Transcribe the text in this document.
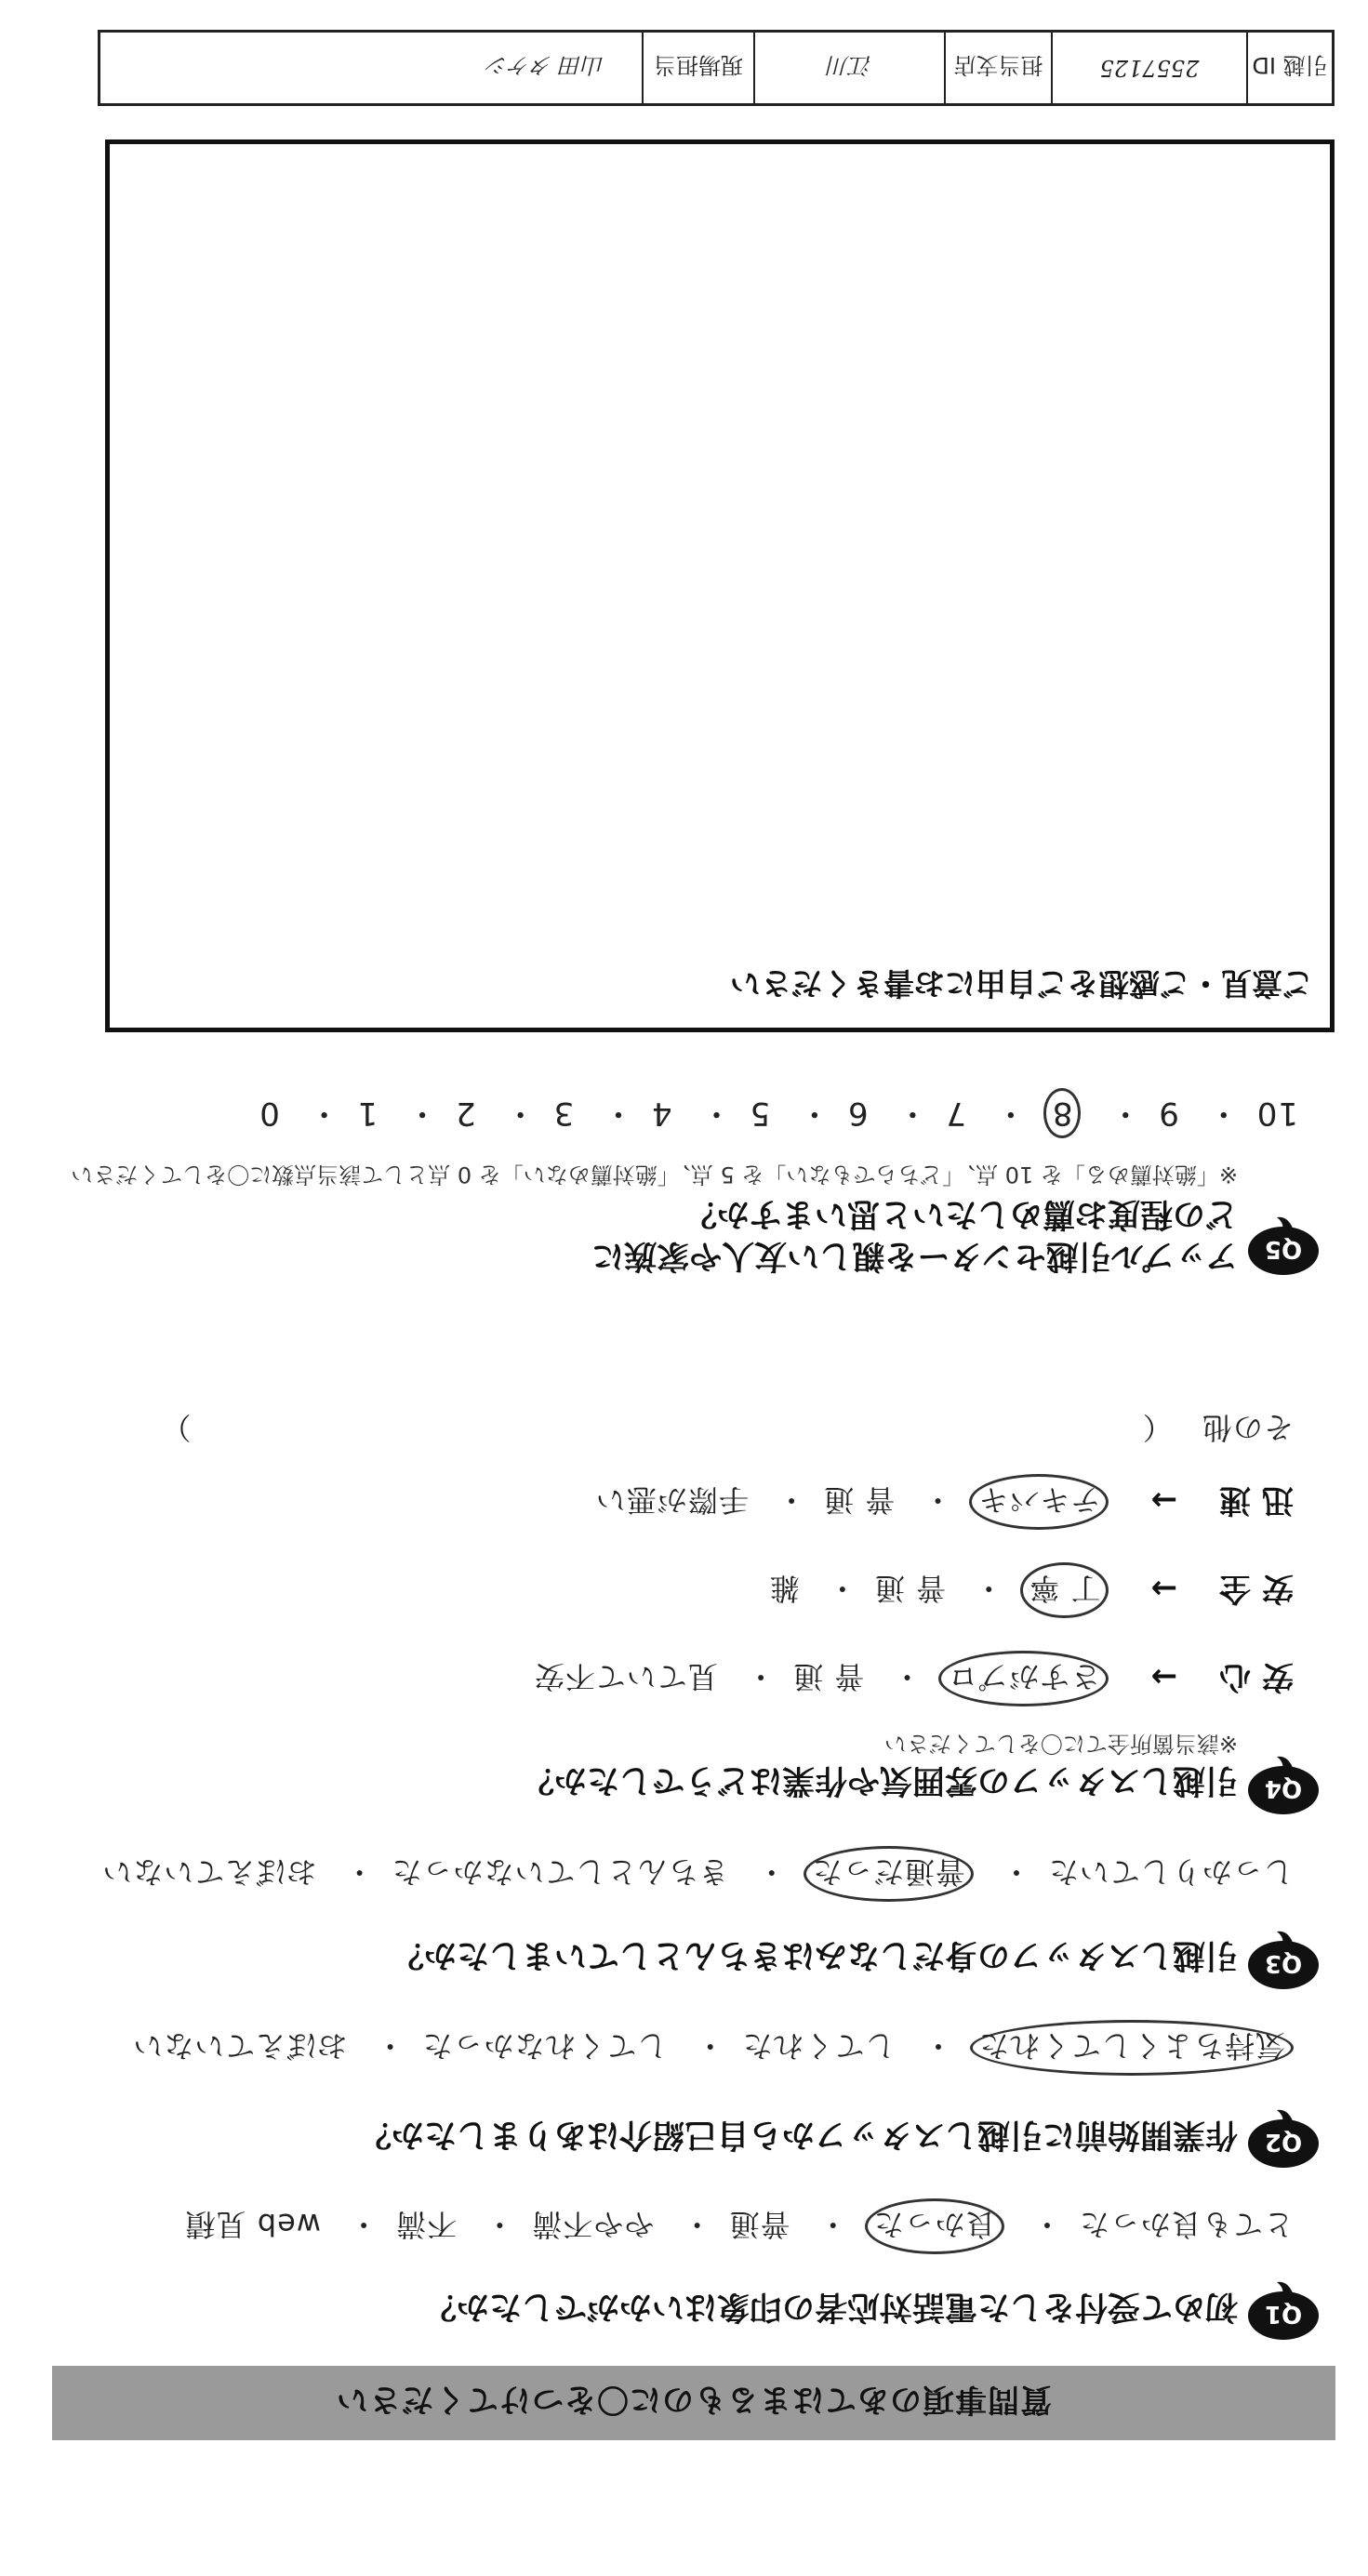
質問事項のあてはまるものに〇をつけてください
Q1
初めて受付をした電話対応者の印象はいかがでしたか？
とても良かった・ 良かった・ 普通・ やや不満・ 不満・ web 見積
Q2
作業開始前に引越しスタッフから自己紹介はありましたか？
気持ちよくしてくれた・ してくれた・ してくれなかった・ おぼえていない
Q3
引越しスタッフの身だしなみはきちんとしていましたか？
しっかりしていた・ 普通だった・ きちんとしていなかった・ おぼえていない
Q4
引越しスタッフの雰囲気や作業はどうでしたか？
※該当箇所全てに〇をしてください
安 心 → さすがプロ・ 普 通・ 見ていて不安
安 全 → 丁 寧・ 普 通・ 雑
迅 速 → テキパキ・ 普 通・ 手際が悪い
その他 （  ）
Q5
アップル引越センターを親しい友人や家族に
どの程度お薦めしたいと思いますか？
※「絶対薦める」を 10 点、「どちらでもない」を 5 点、「絶対薦めない」を 0 点として該当点数に〇をしてください
10・ 9・ 8・ 7・ 6・ 5・ 4・ 3・ 2・ 1・ 0
ご意見・ご感想をご自由にお書きください
引越 ID
2557125
担当支店
江川
現場担当
山田 タケシ
